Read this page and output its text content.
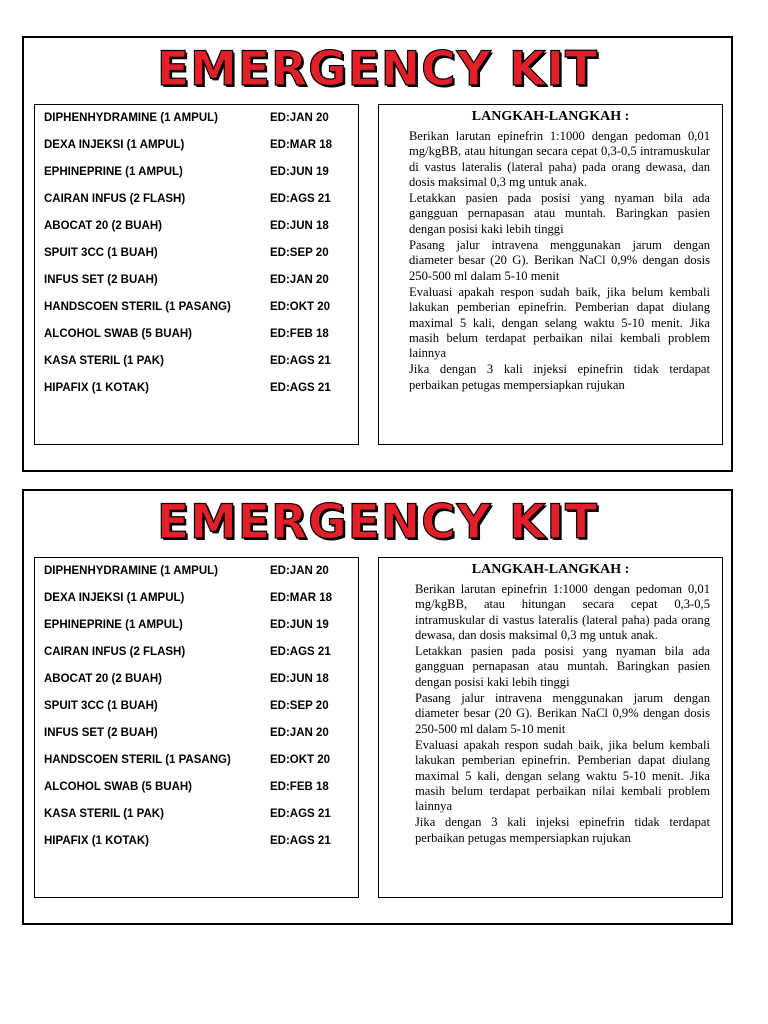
EMERGENCY KIT
DIPHENHYDRAMINE (1 AMPUL)	ED:JAN 20
DEXA INJEKSI (1 AMPUL)	ED:MAR 18
EPHINEPRINE (1 AMPUL)	ED:JUN 19
CAIRAN INFUS (2 FLASH)	ED:AGS 21
ABOCAT 20 (2 BUAH)	ED:JUN 18
SPUIT 3CC (1 BUAH)	ED:SEP 20
INFUS SET (2 BUAH)	ED:JAN 20
HANDSCOEN STERIL (1 PASANG)	ED:OKT 20
ALCOHOL SWAB (5 BUAH)	ED:FEB 18
KASA STERIL (1 PAK)	ED:AGS 21
HIPAFIX (1 KOTAK)	ED:AGS 21
LANGKAH-LANGKAH :

Berikan larutan epinefrin 1:1000 dengan pedoman 0,01 mg/kgBB, atau hitungan secara cepat 0,3-0,5 intramuskular di vastus lateralis (lateral paha) pada orang dewasa, dan dosis maksimal 0,3 mg untuk anak.

Letakkan pasien pada posisi yang nyaman bila ada gangguan pernapasan atau muntah. Baringkan pasien dengan posisi kaki lebih tinggi

Pasang jalur intravena menggunakan jarum dengan diameter besar (20 G). Berikan NaCl 0,9% dengan dosis 250-500 ml dalam 5-10 menit

Evaluasi apakah respon sudah baik, jika belum kembali lakukan pemberian epinefrin. Pemberian dapat diulang maximal 5 kali, dengan selang waktu 5-10 menit. Jika masih belum terdapat perbaikan nilai kembali problem lainnya

Jika dengan 3 kali injeksi epinefrin tidak terdapat perbaikan petugas mempersiapkan rujukan

EMERGENCY KIT
DIPHENHYDRAMINE (1 AMPUL)	ED:JAN 20
DEXA INJEKSI (1 AMPUL)	ED:MAR 18
EPHINEPRINE (1 AMPUL)	ED:JUN 19
CAIRAN INFUS (2 FLASH)	ED:AGS 21
ABOCAT 20 (2 BUAH)	ED:JUN 18
SPUIT 3CC (1 BUAH)	ED:SEP 20
INFUS SET (2 BUAH)	ED:JAN 20
HANDSCOEN STERIL (1 PASANG)	ED:OKT 20
ALCOHOL SWAB (5 BUAH)	ED:FEB 18
KASA STERIL (1 PAK)	ED:AGS 21
HIPAFIX (1 KOTAK)	ED:AGS 21
LANGKAH-LANGKAH :

Berikan larutan epinefrin 1:1000 dengan pedoman 0,01 mg/kgBB, atau hitungan secara cepat 0,3-0,5 intramuskular di vastus lateralis (lateral paha) pada orang dewasa, dan dosis maksimal 0,3 mg untuk anak.

Letakkan pasien pada posisi yang nyaman bila ada gangguan pernapasan atau muntah. Baringkan pasien dengan posisi kaki lebih tinggi

Pasang jalur intravena menggunakan jarum dengan diameter besar (20 G). Berikan NaCl 0,9% dengan dosis 250-500 ml dalam 5-10 menit

Evaluasi apakah respon sudah baik, jika belum kembali lakukan pemberian epinefrin. Pemberian dapat diulang maximal 5 kali, dengan selang waktu 5-10 menit. Jika masih belum terdapat perbaikan nilai kembali problem lainnya

Jika dengan 3 kali injeksi epinefrin tidak terdapat perbaikan petugas mempersiapkan rujukan
